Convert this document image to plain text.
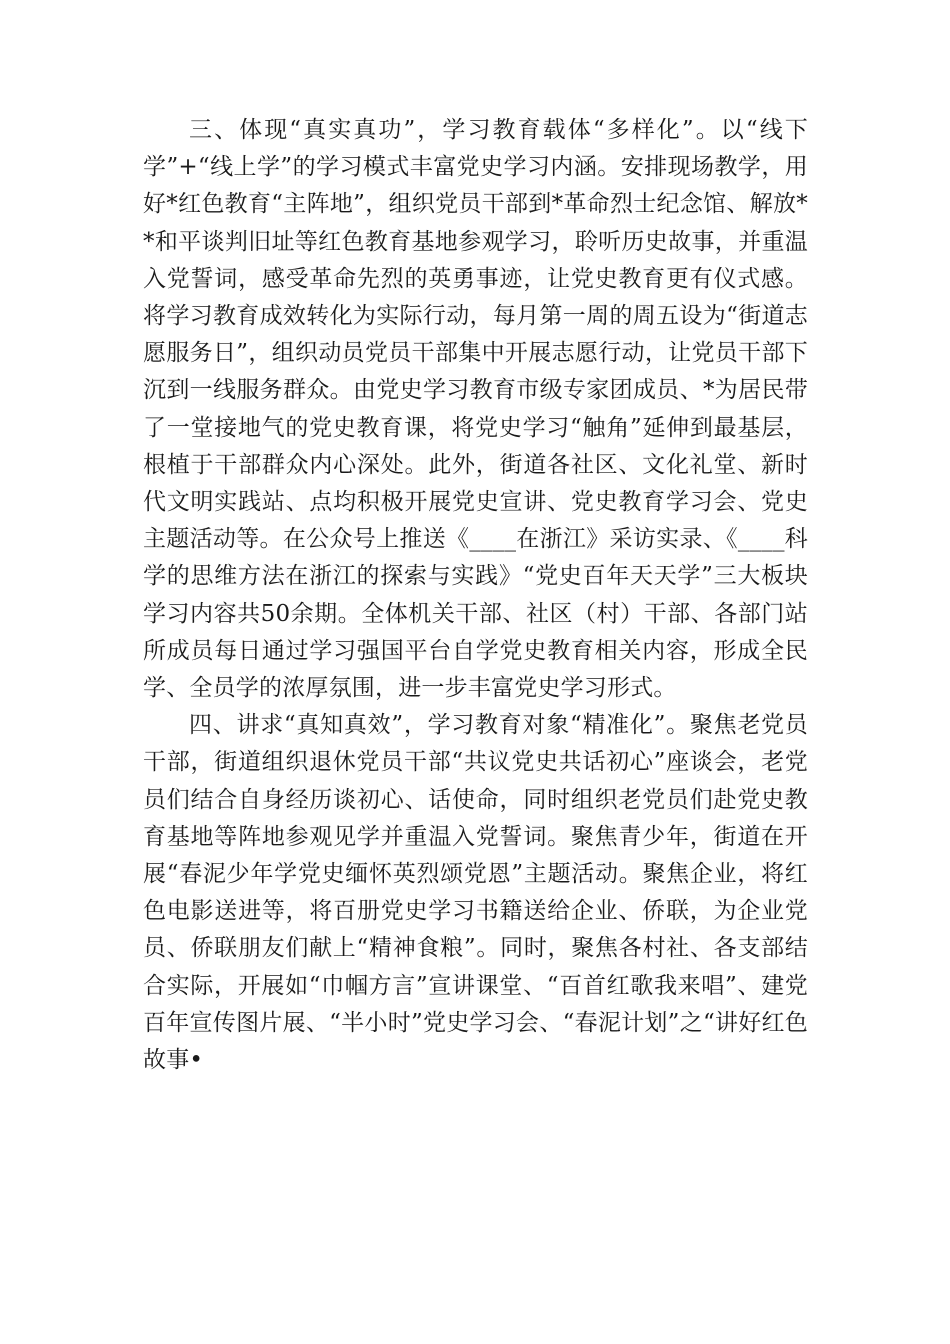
三、体现“真实真功”，学习教育载体“多样化”。以“线下学”+“线上学”的学习模式丰富党史学习内涵。安排现场教学，用好*红色教育“主阵地”，组织党员干部到*革命烈士纪念馆、解放**和平谈判旧址等红色教育基地参观学习，聆听历史故事，并重温入党誓词，感受革命先烈的英勇事迹，让党史教育更有仪式感。将学习教育成效转化为实际行动，每月第一周的周五设为“街道志愿服务日”，组织动员党员干部集中开展志愿行动，让党员干部下沉到一线服务群众。由党史学习教育市级专家团成员、*为居民带了一堂接地气的党史教育课，将党史学习“触角”延伸到最基层，根植于干部群众内心深处。此外，街道各社区、文化礼堂、新时代文明实践站、点均积极开展党史宣讲、党史教育学习会、党史主题活动等。在公众号上推送《____在浙江》采访实录、《____科学的思维方法在浙江的探索与实践》“党史百年天天学”三大板块学习内容共50余期。全体机关干部、社区（村）干部、各部门站所成员每日通过学习强国平台自学党史教育相关内容，形成全民学、全员学的浓厚氛围，进一步丰富党史学习形式。

四、讲求“真知真效”，学习教育对象“精准化”。聚焦老党员干部，街道组织退休党员干部“共议党史共话初心”座谈会，老党员们结合自身经历谈初心、话使命，同时组织老党员们赴党史教育基地等阵地参观见学并重温入党誓词。聚焦青少年，街道在开展“春泥少年学党史缅怀英烈颂党恩”主题活动。聚焦企业，将红色电影送进等，将百册党史学习书籍送给企业、侨联，为企业党员、侨联朋友们献上“精神食粮”。同时，聚焦各村社、各支部结合实际，开展如“巾帼方言”宣讲课堂、“百首红歌我来唱”、建党百年宣传图片展、“半小时”党史学习会、“春泥计划”之“讲好红色故事•
